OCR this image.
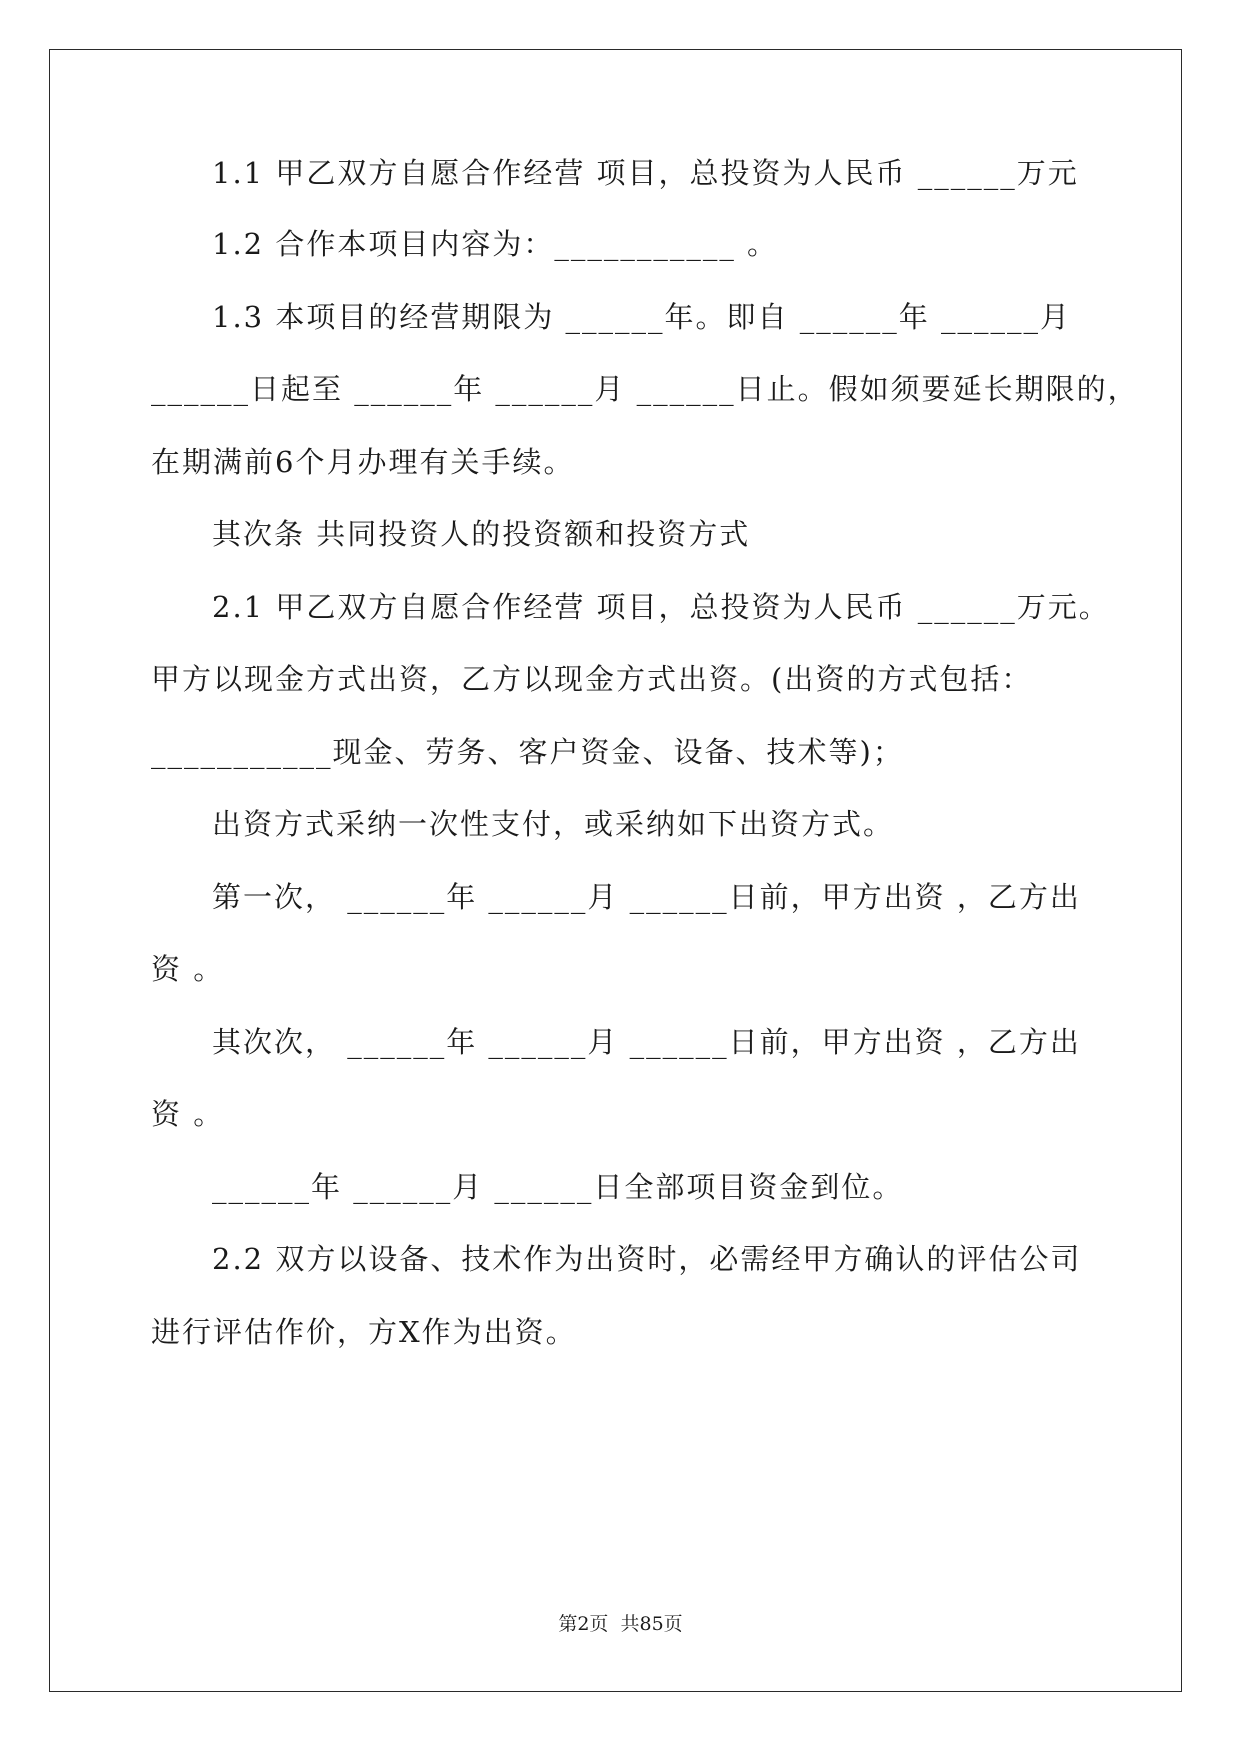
1.1 甲乙双方自愿合作经营 项目，总投资为人民币 ______万元
1.2 合作本项目内容为：___________ 。
1.3 本项目的经营期限为 ______年。即自 ______年 ______月
______日起至 ______年 ______月 ______日止。假如须要延长期限的，
在期满前6个月办理有关手续。
其次条 共同投资人的投资额和投资方式
2.1 甲乙双方自愿合作经营 项目，总投资为人民币 ______万元。
甲方以现金方式出资，乙方以现金方式出资。(出资的方式包括：
___________现金、劳务、客户资金、设备、技术等)；
出资方式采纳一次性支付，或采纳如下出资方式。
第一次， ______年 ______月 ______日前，甲方出资 ，乙方出
资 。
其次次， ______年 ______月 ______日前，甲方出资 ，乙方出
资 。
______年 ______月 ______日全部项目资金到位。
2.2 双方以设备、技术作为出资时，必需经甲方确认的评估公司
进行评估作价，方X作为出资。
第2页  共85页
